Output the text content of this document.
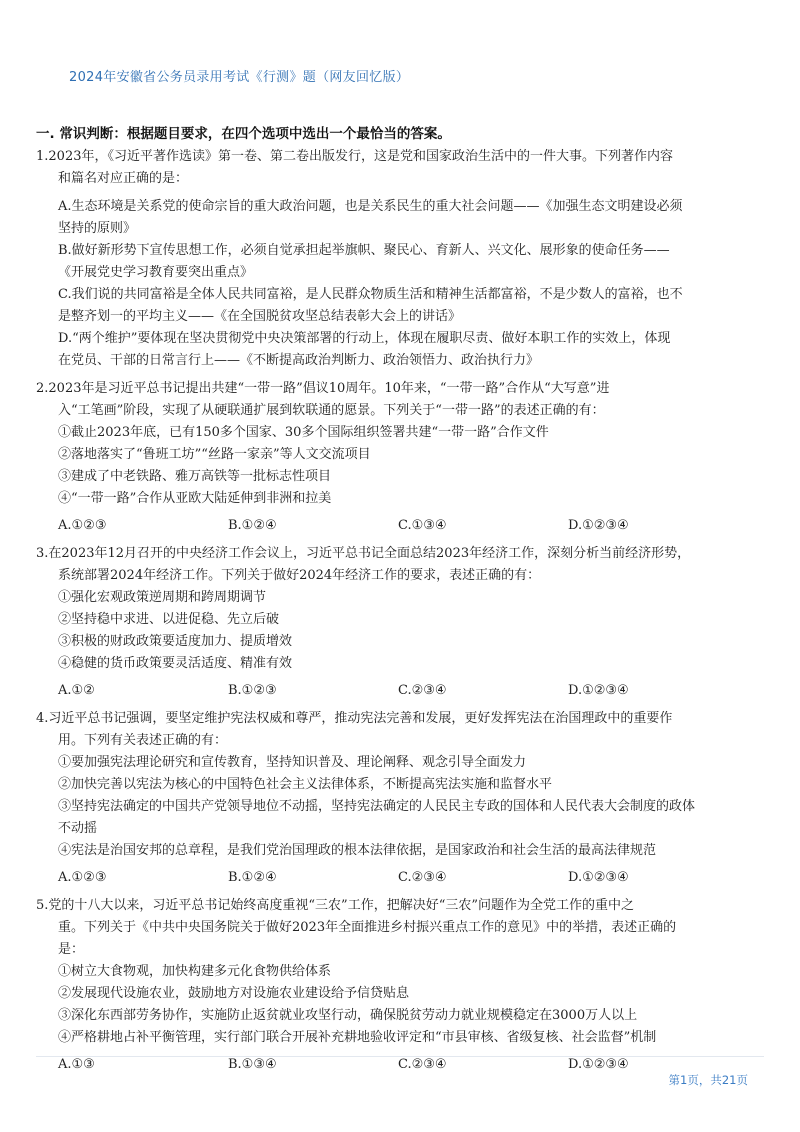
2024年安徽省公务员录用考试《行测》题（网友回忆版）
一. 常识判断：根据题目要求，在四个选项中选出一个最恰当的答案。
1.2023年，《习近平著作选读》第一卷、第二卷出版发行，这是党和国家政治生活中的一件大事。下列著作内容
和篇名对应正确的是：
A.生态环境是关系党的使命宗旨的重大政治问题，也是关系民生的重大社会问题——《加强生态文明建设必须
坚持的原则》
B.做好新形势下宣传思想工作，必须自觉承担起举旗帜、聚民心、育新人、兴文化、展形象的使命任务——
《开展党史学习教育要突出重点》
C.我们说的共同富裕是全体人民共同富裕，是人民群众物质生活和精神生活都富裕，不是少数人的富裕，也不
是整齐划一的平均主义——《在全国脱贫攻坚总结表彰大会上的讲话》
D.“两个维护”要体现在坚决贯彻党中央决策部署的行动上，体现在履职尽责、做好本职工作的实效上，体现
在党员、干部的日常言行上——《不断提高政治判断力、政治领悟力、政治执行力》
2.2023年是习近平总书记提出共建“一带一路”倡议10周年。10年来，“一带一路”合作从“大写意”进
入“工笔画”阶段，实现了从硬联通扩展到软联通的愿景。下列关于“一带一路”的表述正确的有：
①截止2023年底，已有150多个国家、30多个国际组织签署共建“一带一路”合作文件
②落地落实了“鲁班工坊”“丝路一家亲”等人文交流项目
③建成了中老铁路、雅万高铁等一批标志性项目
④“一带一路”合作从亚欧大陆延伸到非洲和拉美
A.①②③	B.①②④	C.①③④	D.①②③④
3.在2023年12月召开的中央经济工作会议上，习近平总书记全面总结2023年经济工作，深刻分析当前经济形势，
系统部署2024年经济工作。下列关于做好2024年经济工作的要求，表述正确的有：
①强化宏观政策逆周期和跨周期调节
②坚持稳中求进、以进促稳、先立后破
③积极的财政政策要适度加力、提质增效
④稳健的货币政策要灵活适度、精准有效
A.①②	B.①②③	C.②③④	D.①②③④
4.习近平总书记强调，要坚定维护宪法权威和尊严，推动宪法完善和发展，更好发挥宪法在治国理政中的重要作
用。下列有关表述正确的有：
①要加强宪法理论研究和宣传教育，坚持知识普及、理论阐释、观念引导全面发力
②加快完善以宪法为核心的中国特色社会主义法律体系，不断提高宪法实施和监督水平
③坚持宪法确定的中国共产党领导地位不动摇，坚持宪法确定的人民民主专政的国体和人民代表大会制度的政体
不动摇
④宪法是治国安邦的总章程，是我们党治国理政的根本法律依据，是国家政治和社会生活的最高法律规范
A.①②③	B.①②④	C.②③④	D.①②③④
5.党的十八大以来，习近平总书记始终高度重视“三农”工作，把解决好“三农”问题作为全党工作的重中之
重。下列关于《中共中央国务院关于做好2023年全面推进乡村振兴重点工作的意见》中的举措，表述正确的
是：
①树立大食物观，加快构建多元化食物供给体系
②发展现代设施农业，鼓励地方对设施农业建设给予信贷贴息
③深化东西部劳务协作，实施防止返贫就业攻坚行动，确保脱贫劳动力就业规模稳定在3000万人以上
④严格耕地占补平衡管理，实行部门联合开展补充耕地验收评定和“市县审核、省级复核、社会监督”机制
A.①③	B.①③④	C.②③④	D.①②③④
第1页，共21页
